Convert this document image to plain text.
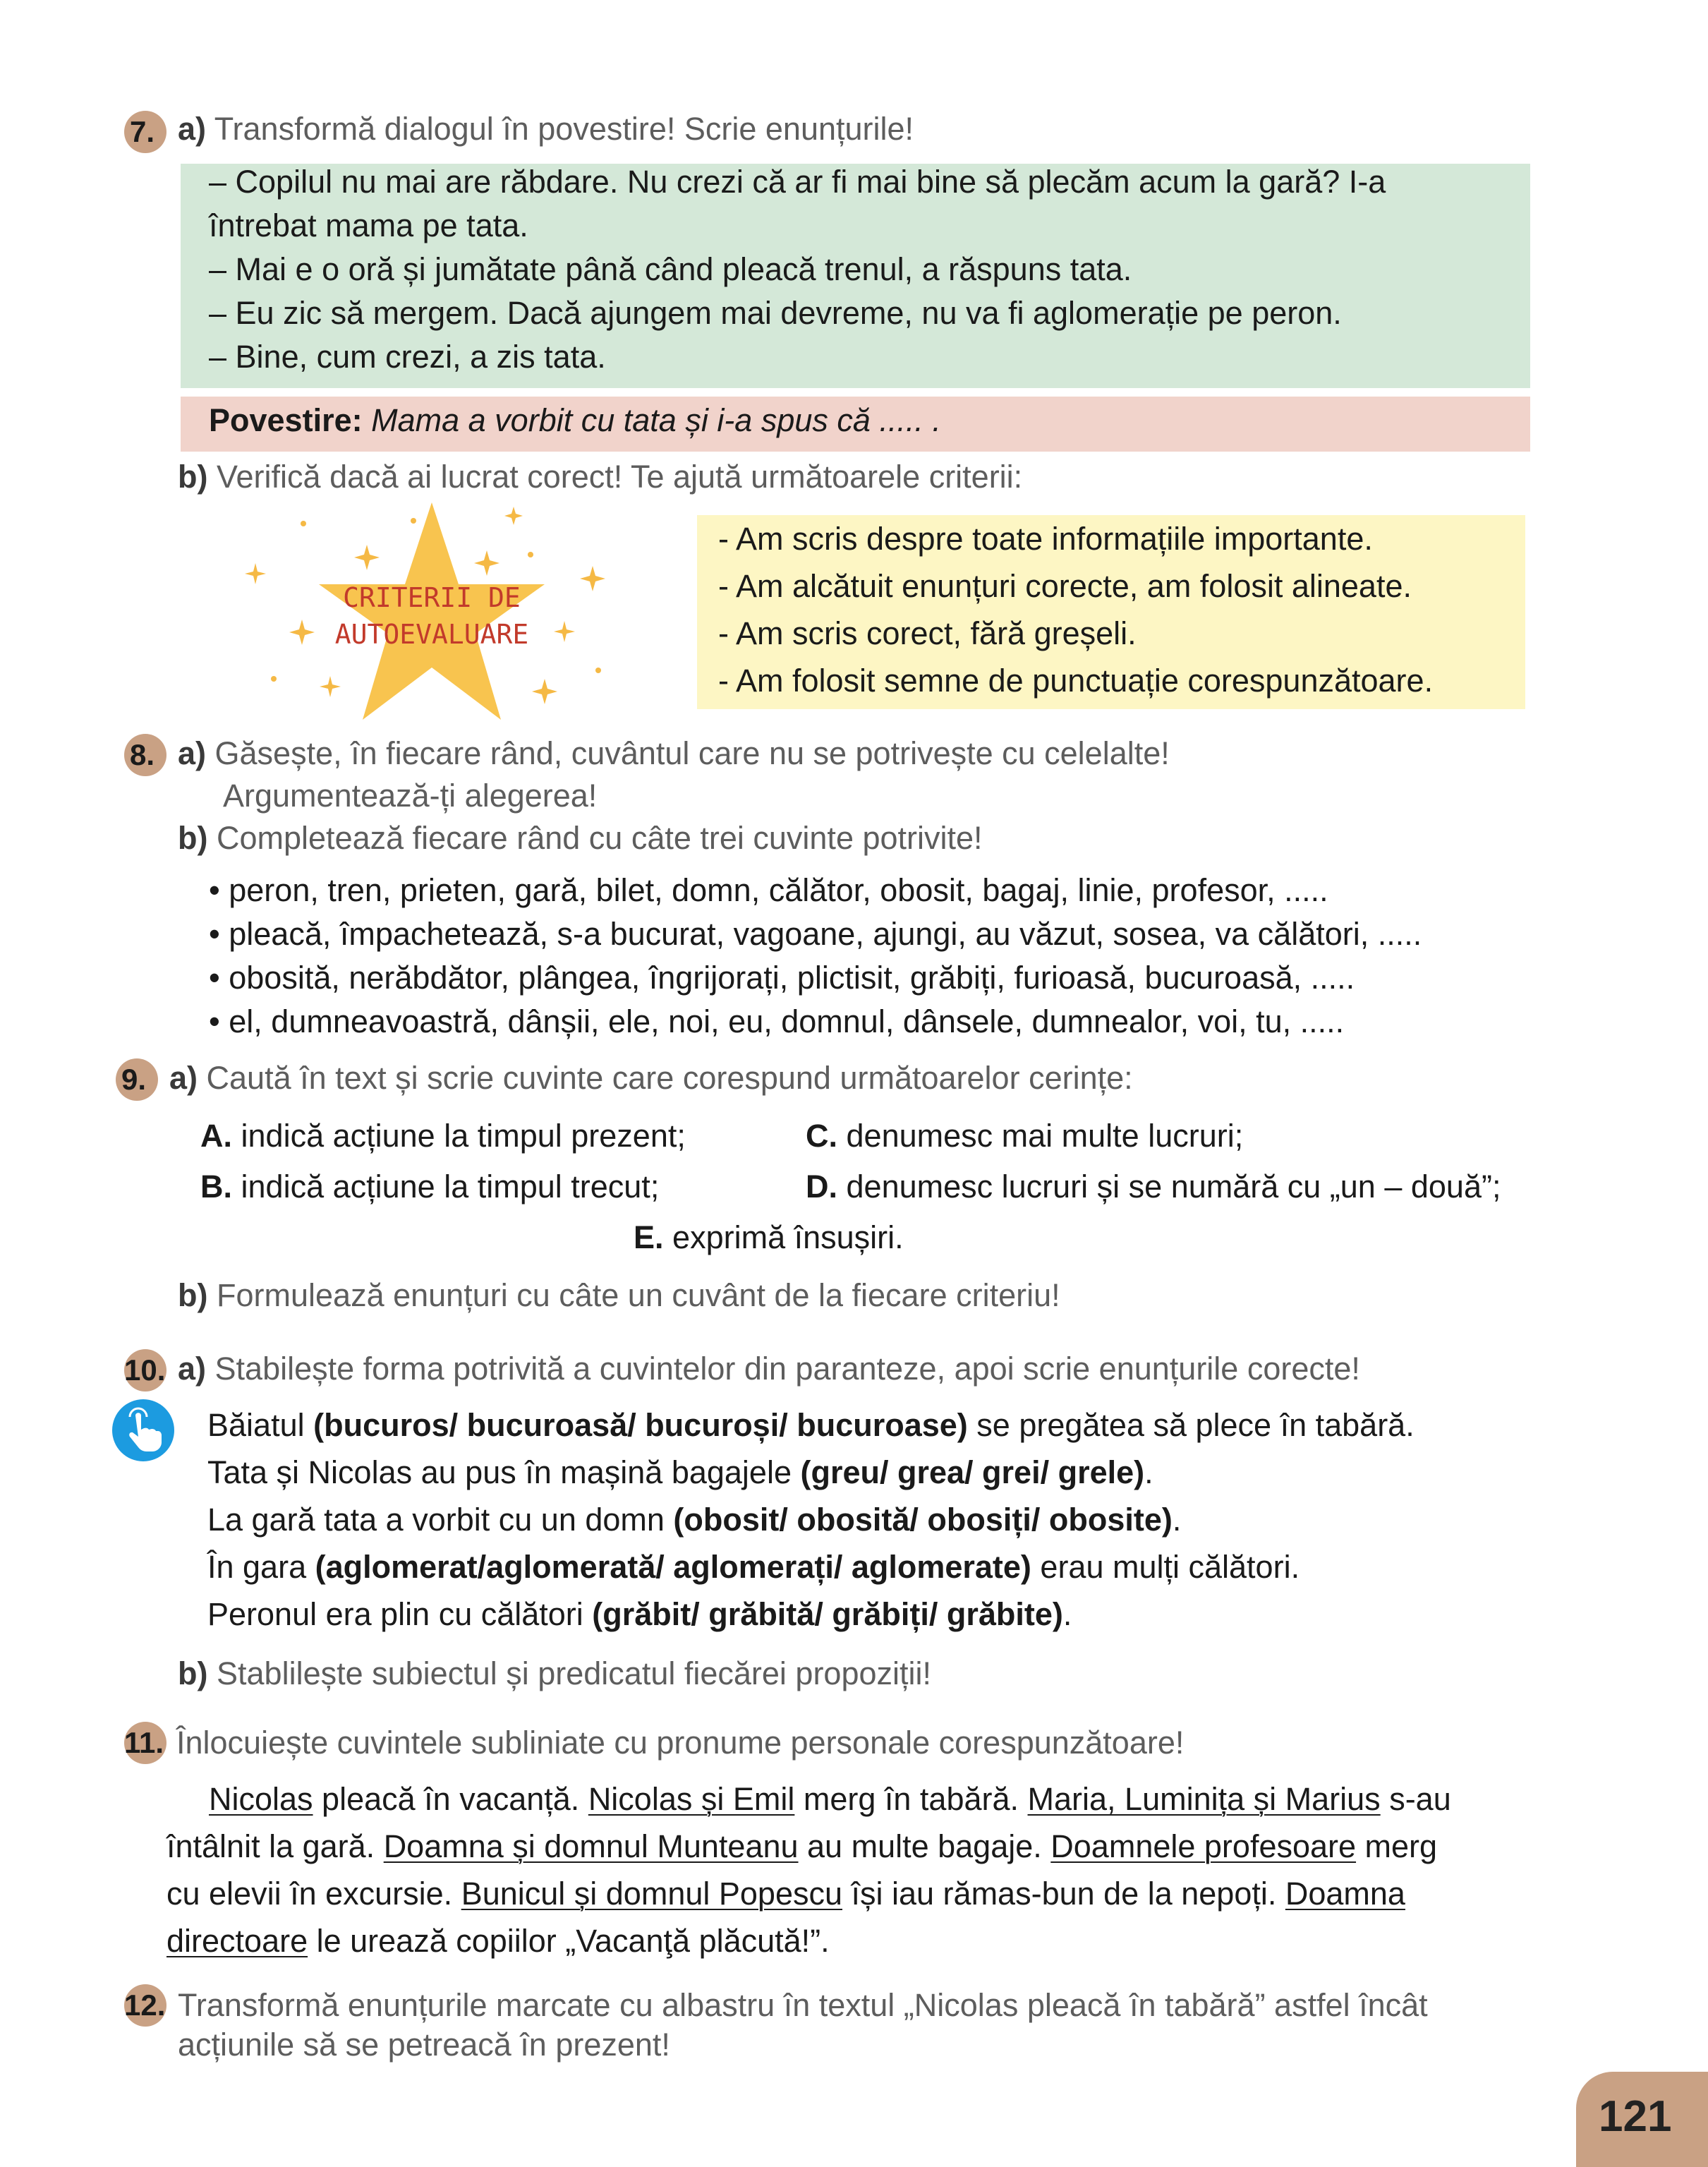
7. a) Transformă dialogul în povestire! Scrie enunțurile!
– Copilul nu mai are răbdare. Nu crezi că ar fi mai bine să plecăm acum la gară? I-a
întrebat mama pe tata.
– Mai e o oră și jumătate până când pleacă trenul, a răspuns tata.
– Eu zic să mergem. Dacă ajungem mai devreme, nu va fi aglomerație pe peron.
– Bine, cum crezi, a zis tata.
Povestire: Mama a vorbit cu tata și i-a spus că ..... .
b) Verifică dacă ai lucrat corect! Te ajută următoarele criterii:
CRITERII DE
AUTOEVALUARE
- Am scris despre toate informațiile importante.
- Am alcătuit enunțuri corecte, am folosit alineate.
- Am scris corect, fără greșeli.
- Am folosit semne de punctuație corespunzătoare.
8. a) Găsește, în fiecare rând, cuvântul care nu se potrivește cu celelalte!
Argumentează-ți alegerea!
b) Completează fiecare rând cu câte trei cuvinte potrivite!
• peron, tren, prieten, gară, bilet, domn, călător, obosit, bagaj, linie, profesor, .....
• pleacă, împachetează, s-a bucurat, vagoane, ajungi, au văzut, sosea, va călători, .....
• obosită, nerăbdător, plângea, îngrijorați, plictisit, grăbiți, furioasă, bucuroasă, .....
• el, dumneavoastră, dânșii, ele, noi, eu, domnul, dânsele, dumnealor, voi, tu, .....
9. a) Caută în text și scrie cuvinte care corespund următoarelor cerințe:
A. indică acțiune la timpul prezent;	C. denumesc mai multe lucruri;
B. indică acțiune la timpul trecut;	D. denumesc lucruri și se numără cu „un – două”;
E. exprimă însușiri.
b) Formulează enunțuri cu câte un cuvânt de la fiecare criteriu!
10. a) Stabilește forma potrivită a cuvintelor din paranteze, apoi scrie enunțurile corecte!
Băiatul (bucuros/ bucuroasă/ bucuroși/ bucuroase) se pregătea să plece în tabără.
Tata și Nicolas au pus în mașină bagajele (greu/ grea/ grei/ grele).
La gară tata a vorbit cu un domn (obosit/ obosită/ obosiți/ obosite).
În gara (aglomerat/aglomerată/ aglomerați/ aglomerate) erau mulți călători.
Peronul era plin cu călători (grăbit/ grăbită/ grăbiți/ grăbite).
b) Stablilește subiectul și predicatul fiecărei propoziții!
11. Înlocuiește cuvintele subliniate cu pronume personale corespunzătoare!
Nicolas pleacă în vacanță. Nicolas și Emil merg în tabără. Maria, Luminița și Marius s-au
întâlnit la gară. Doamna și domnul Munteanu au multe bagaje. Doamnele profesoare merg
cu elevii în excursie. Bunicul și domnul Popescu își iau rămas-bun de la nepoți. Doamna
directoare le urează copiilor „Vacanţă plăcută!”.
12. Transformă enunțurile marcate cu albastru în textul „Nicolas pleacă în tabără” astfel încât
acțiunile să se petreacă în prezent!
121
